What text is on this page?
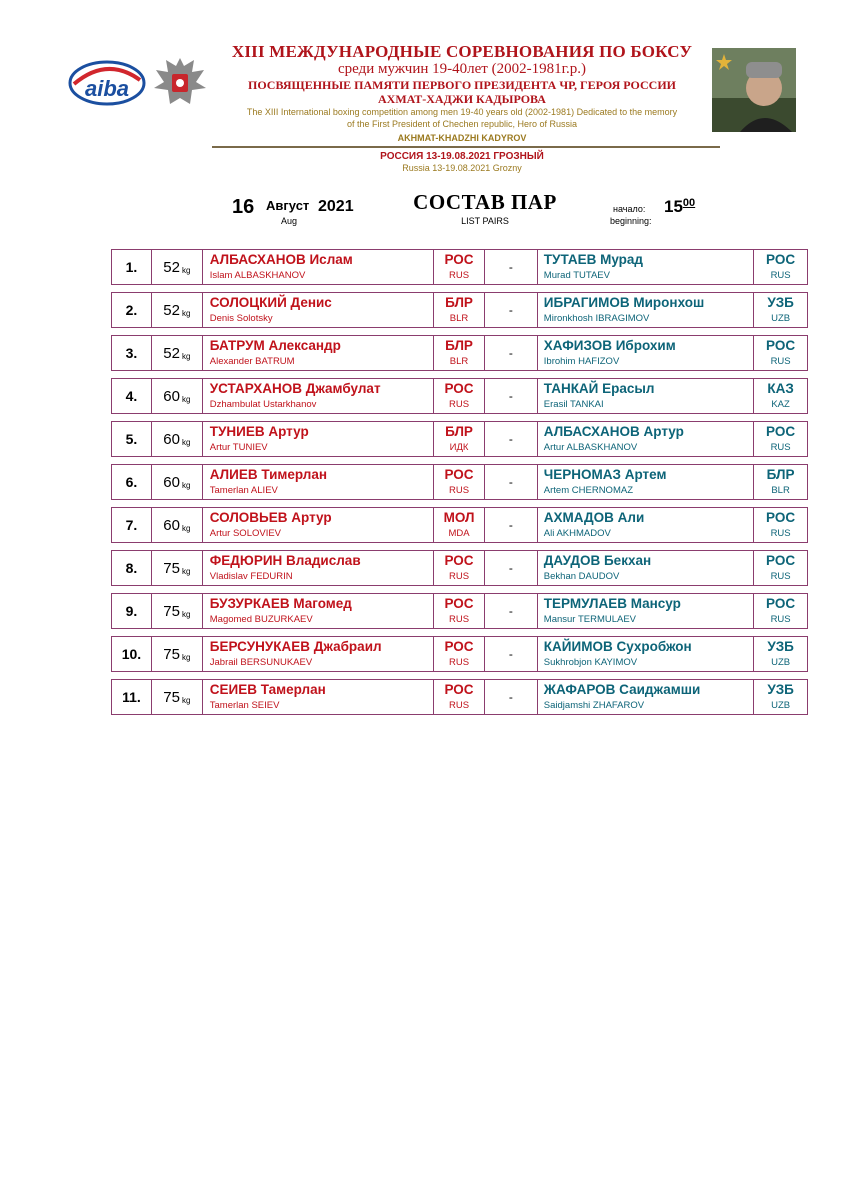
aiba
XIII МЕЖДУНАРОДНЫЕ СОРЕВНОВАНИЯ ПО БОКСУ
среди мужчин 19-40лет (2002-1981г.р.)
ПОСВЯЩЕННЫЕ ПАМЯТИ ПЕРВОГО ПРЕЗИДЕНТА ЧР, ГЕРОЯ РОССИИ
АХМАТ-ХАДЖИ КАДЫРОВА
The XIII International boxing competition among men 19-40 years old (2002-1981) Dedicated to the memory
of the First President of Chechen republic, Hero of Russia
AKHMAT-KHADZHI KADYROV
РОССИЯ 13-19.08.2021 ГРОЗНЫЙ
Russia 13-19.08.2021 Grozny
16 Август 2021
Aug
СОСТАВ ПАР
LIST PAIRS
начало:
beginning:
$15^{00}$
1. 52 kg
АЛБАСХАНОВ Ислам
Islam ALBASKHANOV
РОС
RUS
- ТУТАЕВ Мурад
Murad TUTAEV
РОС
RUS
2. 52 kg
СОЛОЦКИЙ Денис
Denis Solotsky
БЛР
BLR
- ИБРАГИМОВ Миронхош
Mironkhosh IBRAGIMOV
УЗБ
UZB
3. 52 kg
БАТРУМ Александр
Alexander BATRUM
БЛР
BLR
- ХАФИЗОВ Иброхим
Ibrohim HAFIZOV
РОС
RUS
4. 60 kg
УСТАРХАНОВ Джамбулат
Dzhambulat Ustarkhanov
РОС
RUS
- ТАНКАЙ Ерасыл
Erasil TANKAI
КАЗ
KAZ
5. 60 kg
ТУНИЕВ Артур
Artur TUNIEV
БЛР
ИДК
- АЛБАСХАНОВ Артур
Artur ALBASKHANOV
РОС
RUS
6. 60 kg
АЛИЕВ Тимерлан
Tamerlan ALIEV
РОС
RUS
- ЧЕРНОМАЗ Артем
Artem CHERNOMAZ
БЛР
BLR
7. 60 kg
СОЛОВЬЕВ Артур
Artur SOLOVIEV
МОЛ
MDA
- АХМАДОВ Али
Ali AKHMADOV
РОС
RUS
8. 75 kg
ФЕДЮРИН Владислав
Vladislav FEDURIN
РОС
RUS
- ДАУДОВ Бекхан
Bekhan DAUDOV
РОС
RUS
9. 75 kg
БУЗУРКАЕВ Магомед
Magomed BUZURKAEV
РОС
RUS
- ТЕРМУЛАЕВ Мансур
Mansur TERMULAEV
РОС
RUS
10. 75 kg
БЕРСУНУКАЕВ Джабраил
Jabrail BERSUNUKAEV
РОС
RUS
- КАЙИМОВ Сухробжон
Sukhrobjon KAYIMOV
УЗБ
UZB
11. 75 kg
СЕИЕВ Тамерлан
Tamerlan SEIEV
РОС
RUS
- ЖАФАРОВ Саиджамши
Saidjamshi ZHAFAROV
УЗБ
UZB
